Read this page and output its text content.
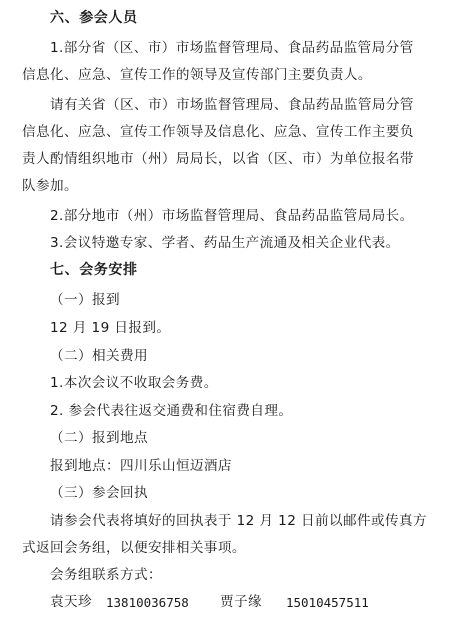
六、参会人员
1.部分省（区、市）市场监督管理局、食品药品监管局分管
信息化、应急、宣传工作的领导及宣传部门主要负责人。
请有关省（区、市）市场监督管理局、食品药品监管局分管
信息化、应急、宣传工作领导及信息化、应急、宣传工作主要负
责人酌情组织地市（州）局局长，以省（区、市）为单位报名带
队参加。
2.部分地市（州）市场监督管理局、食品药品监管局局长。
3.会议特邀专家、学者、药品生产流通及相关企业代表。
七、会务安排
（一）报到
12 月 19 日报到。
（二）相关费用
1.本次会议不收取会务费。
2. 参会代表往返交通费和住宿费自理。
（二）报到地点
报到地点：四川乐山恒迈酒店
（三）参会回执
请参会代表将填好的回执表于 12 月 12 日前以邮件或传真方
式返回会务组，以便安排相关事项。
会务组联系方式：
袁天珍 13810036758 贾子缘 15010457511
